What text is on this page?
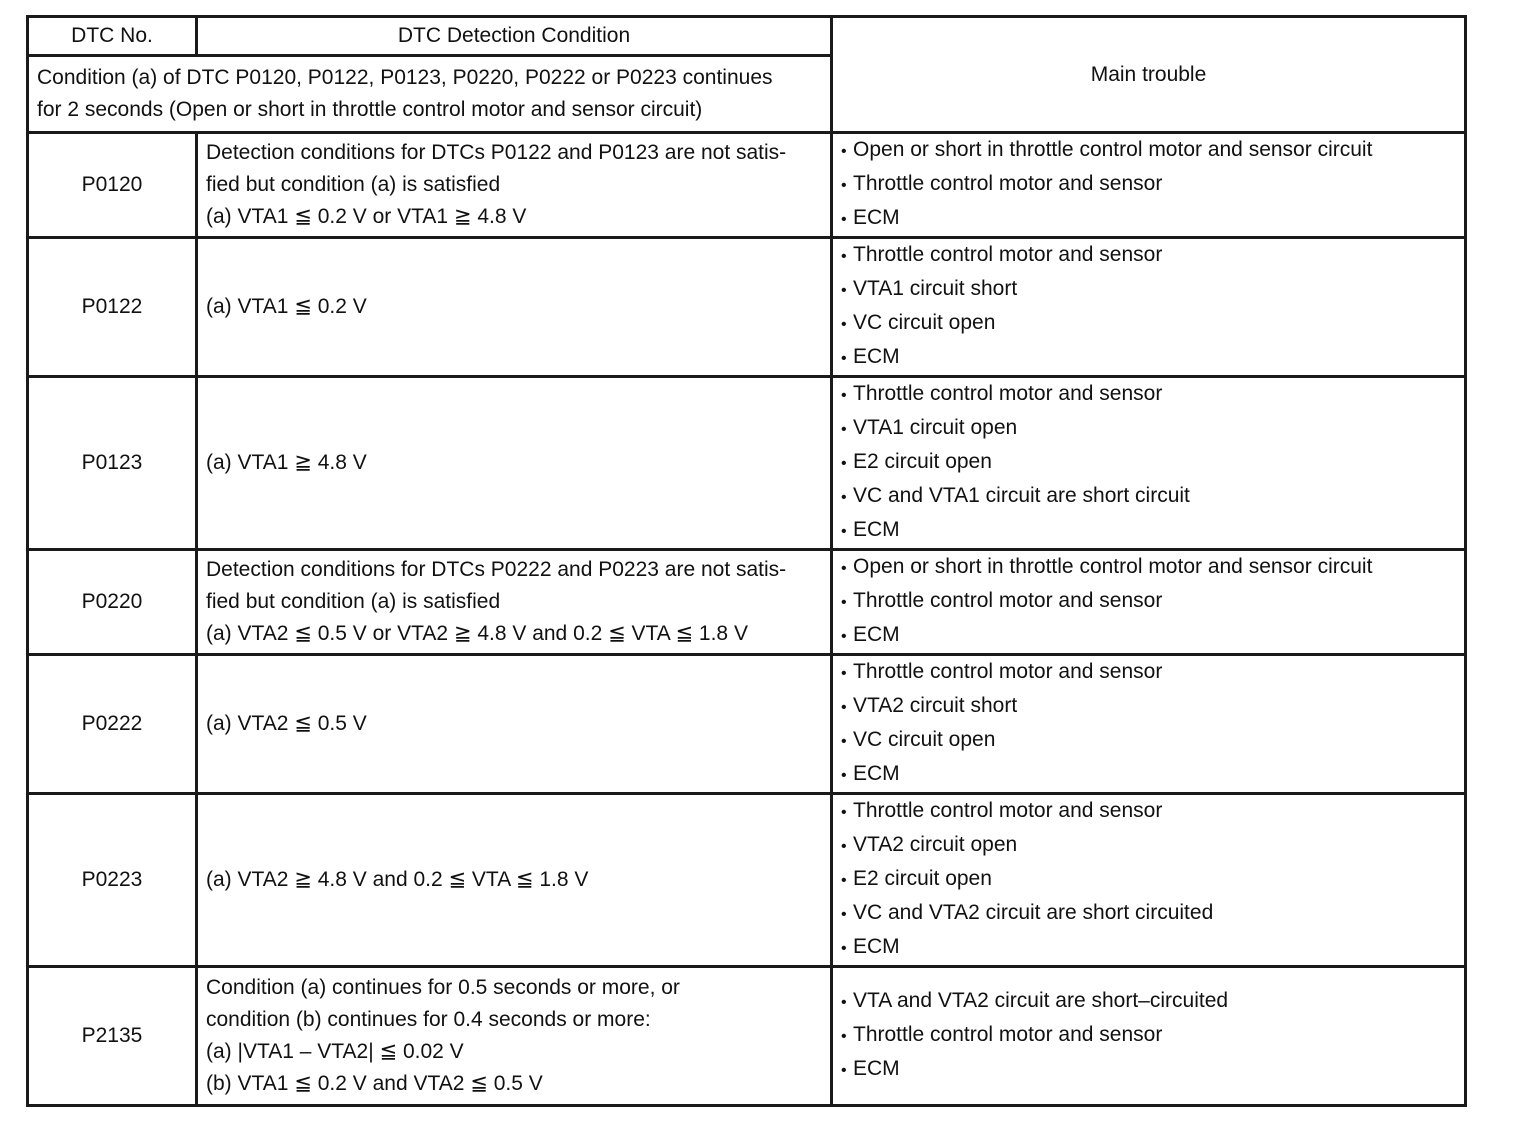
DTC No.	DTC Detection Condition	Main trouble

Condition (a) of DTC P0120, P0122, P0123, P0220, P0222 or P0223 continues
for 2 seconds (Open or short in throttle control motor and sensor circuit)		

P0120	Detection conditions for DTCs P0122 and P0123 are not satis-
fied but condition (a) is satisfied
(a) VTA1 ≦ 0.2 V or VTA1 ≧ 4.8 V	• Open or short in throttle control motor and sensor circuit
• Throttle control motor and sensor
• ECM

P0122	(a) VTA1 ≦ 0.2 V	• Throttle control motor and sensor
• VTA1 circuit short
• VC circuit open
• ECM

P0123	(a) VTA1 ≧ 4.8 V	• Throttle control motor and sensor
• VTA1 circuit open
• E2 circuit open
• VC and VTA1 circuit are short circuit
• ECM

P0220	Detection conditions for DTCs P0222 and P0223 are not satis-
fied but condition (a) is satisfied
(a) VTA2 ≦ 0.5 V or VTA2 ≧ 4.8 V and 0.2 ≦ VTA ≦ 1.8 V	• Open or short in throttle control motor and sensor circuit
• Throttle control motor and sensor
• ECM

P0222	(a) VTA2 ≦ 0.5 V	• Throttle control motor and sensor
• VTA2 circuit short
• VC circuit open
• ECM

P0223	(a) VTA2 ≧ 4.8 V and 0.2 ≦ VTA ≦ 1.8 V	• Throttle control motor and sensor
• VTA2 circuit open
• E2 circuit open
• VC and VTA2 circuit are short circuited
• ECM

P2135	Condition (a) continues for 0.5 seconds or more, or
condition (b) continues for 0.4 seconds or more:
(a) |VTA1 – VTA2| ≦ 0.02 V
(b) VTA1 ≦ 0.2 V and VTA2 ≦ 0.5 V	• VTA and VTA2 circuit are short–circuited
• Throttle control motor and sensor
• ECM
